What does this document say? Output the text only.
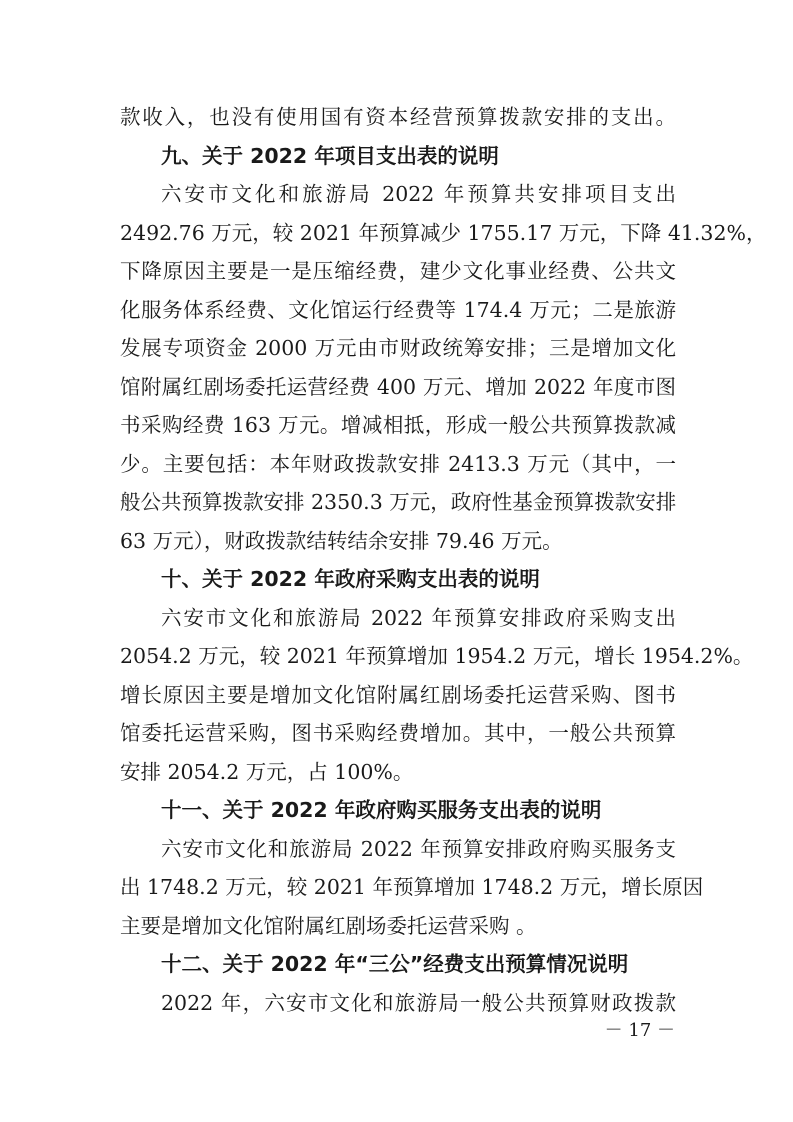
款收入，也没有使用国有资本经营预算拨款安排的支出。
九、关于 2022 年项目支出表的说明
六安市文化和旅游局 2022 年预算共安排项目支出
2492.76 万元，较 2021 年预算减少 1755.17 万元，下降 41.32%，
下降原因主要是一是压缩经费，建少文化事业经费、公共文
化服务体系经费、文化馆运行经费等 174.4 万元；二是旅游
发展专项资金 2000 万元由市财政统筹安排；三是增加文化
馆附属红剧场委托运营经费 400 万元、增加 2022 年度市图
书采购经费 163 万元。增减相抵，形成一般公共预算拨款减
少。主要包括：本年财政拨款安排 2413.3 万元（其中，一
般公共预算拨款安排 2350.3 万元，政府性基金预算拨款安排
63 万元），财政拨款结转结余安排 79.46 万元。
十、关于 2022 年政府采购支出表的说明
六安市文化和旅游局 2022 年预算安排政府采购支出
2054.2 万元，较 2021 年预算增加 1954.2 万元，增长 1954.2%。
增长原因主要是增加文化馆附属红剧场委托运营采购、图书
馆委托运营采购，图书采购经费增加。其中，一般公共预算
安排 2054.2 万元，占 100%。
十一、关于 2022 年政府购买服务支出表的说明
六安市文化和旅游局 2022 年预算安排政府购买服务支
出 1748.2 万元，较 2021 年预算增加 1748.2 万元，增长原因
主要是增加文化馆附属红剧场委托运营采购 。
十二、关于 2022 年“三公”经费支出预算情况说明
2022 年，六安市文化和旅游局一般公共预算财政拨款
－ 17 －
